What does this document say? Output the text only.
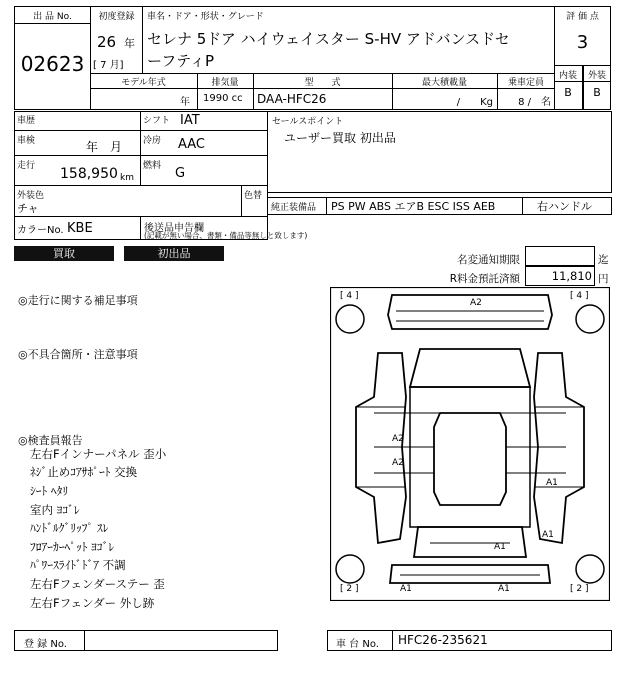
出 品 No.
02623
初度登録
26 年
[ 7 月]
車名・ドア・形状・グレード
セレナ 5ドア ハイウェイスター S-HV アドバンスドセ
ーフティP
評 価 点
3
内装	外装
B	B
モデル年式
年
排気量
1990 cc
型　　式
DAA-HFC26
最大積載量
/　　Kg
乗車定員
8 /　名
車歴	シフト IAT
車検	年　月 冷房 AAC
走行 158,950 km
燃料 G
外装色
チャ
色替
カラーNo. KBE	後送品申告欄
(記載が無い場合、書類・備品等無しと致します)
セールスポイント
ユーザー買取 初出品
純正装備品 PS PW ABS エアB ESC ISS AEB	右ハンドル
買取	初出品	名変通知期限	迄
R料金預託済額	11,810 円
◎走行に関する補足事項
◎不具合箇所・注意事項
◎検査員報告
左右Fインナーパネル 歪小
ﾈｼﾞ止めｺｱｻﾎﾟｰﾄ 交換
ｼｰﾄ ﾍﾀﾘ
室内 ﾖｺﾞﾚ
ﾊﾝﾄﾞﾙｸﾞﾘｯﾌﾟ ｽﾚ
ﾌﾛｱｰｶｰﾍﾟｯﾄ ﾖｺﾞﾚ
ﾊﾟﾜｰｽﾗｲﾄﾞﾄﾞｱ 不調
左右Fフェンダーステー 歪
左右Fフェンダー 外し跡
[ 4 ]	[ 4 ]
[ 2 ]	[ 2 ]
A2
A2
A2
A1
A1
A1
A1	A1
登 録 No.	車 台 No. HFC26-235621
